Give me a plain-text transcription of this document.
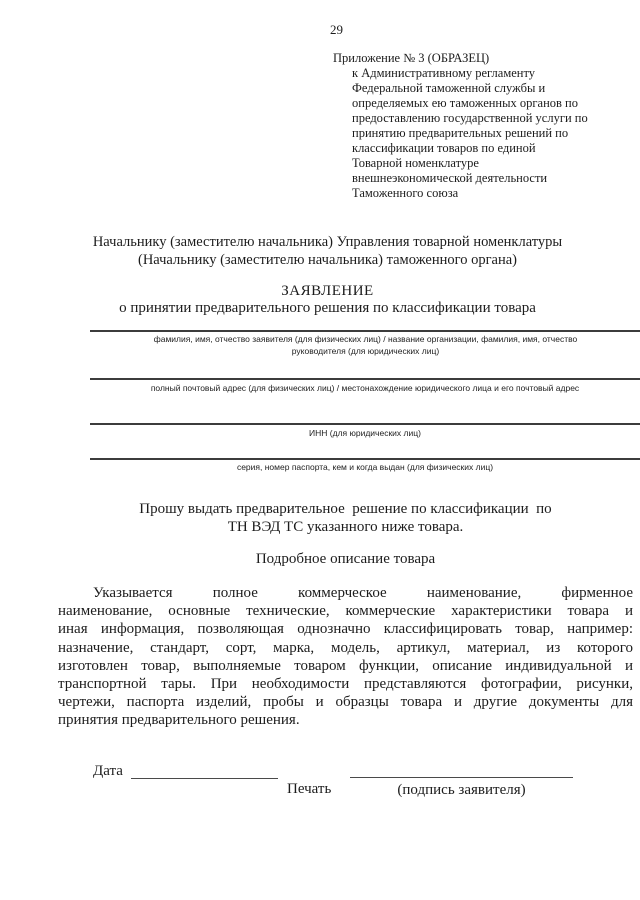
29
Приложение № 3 (ОБРАЗЕЦ)
к Административному регламенту
Федеральной таможенной службы и
определяемых ею таможенных органов по
предоставлению государственной услуги по
принятию предварительных решений по
классификации товаров по единой
Товарной номенклатуре
внешнеэкономической деятельности
Таможенного союза
Начальнику (заместителю начальника) Управления товарной номенклатуры
(Начальнику (заместителю начальника) таможенного органа)
ЗАЯВЛЕНИЕ
о принятии предварительного решения по классификации товара
фамилия, имя, отчество заявителя (для физических лиц) / название организации, фамилия, имя, отчество руководителя (для юридических лиц)
полный почтовый адрес (для физических лиц) / местонахождение юридического лица и его почтовый адрес
ИНН (для юридических лиц)
серия, номер паспорта, кем и когда выдан (для физических лиц)
Прошу выдать предварительное  решение по классификации  по
ТН ВЭД ТС указанного ниже товара.
Подробное описание товара
Указывается полное коммерческое наименование, фирменное
наименование, основные технические, коммерческие характеристики товара и
иная информация, позволяющая однозначно классифицировать товар, например:
назначение, стандарт, сорт, марка, модель, артикул, материал, из которого
изготовлен товар, выполняемые товаром функции, описание индивидуальной и
транспортной тары. При необходимости представляются фотографии, рисунки,
чертежи, паспорта изделий, пробы и образцы товара и другие документы для
принятия предварительного решения.
Дата
Печать	(подпись заявителя)
